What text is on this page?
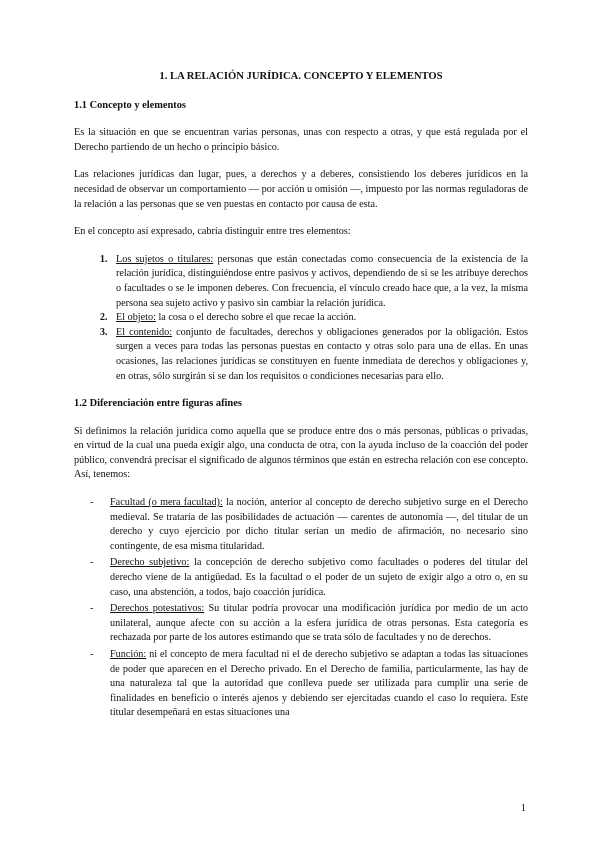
1. LA RELACIÓN JURÍDICA. CONCEPTO Y ELEMENTOS
1.1 Concepto y elementos

Es la situación en que se encuentran varias personas, unas con respecto a otras, y que está regulada por el Derecho partiendo de un hecho o principio básico.

Las relaciones jurídicas dan lugar, pues, a derechos y a deberes, consistiendo los deberes jurídicos en la necesidad de observar un comportamiento — por acción u omisión —, impuesto por las normas reguladoras de la relación a las personas que se ven puestas en contacto por causa de esta.

En el concepto así expresado, cabría distinguir entre tres elementos:

1. Los sujetos o titulares: personas que están conectadas como consecuencia de la existencia de la relación jurídica, distinguiéndose entre pasivos y activos, dependiendo de si se les atribuye derechos o facultades o se le imponen deberes. Con frecuencia, el vínculo creado hace que, a la vez, la misma persona sea sujeto activo y pasivo sin cambiar la relación jurídica.
2. El objeto: la cosa o el derecho sobre el que recae la acción.
3. El contenido: conjunto de facultades, derechos y obligaciones generados por la obligación. Estos surgen a veces para todas las personas puestas en contacto y otras solo para una de ellas. En unas ocasiones, las relaciones jurídicas se constituyen en fuente inmediata de derechos y obligaciones y, en otras, sólo surgirán si se dan los requisitos o condiciones necesarias para ello.
1.2 Diferenciación entre figuras afines

Si definimos la relación jurídica como aquella que se produce entre dos o más personas, públicas o privadas, en virtud de la cual una pueda exigir algo, una conducta de otra, con la ayuda incluso de la coacción del poder público, convendrá precisar el significado de algunos términos que están en estrecha relación con ese concepto. Así, tenemos:

- Facultad (o mera facultad): la noción, anterior al concepto de derecho subjetivo surge en el Derecho medieval. Se trataría de las posibilidades de actuación — carentes de autonomía —, del titular de un derecho y cuyo ejercicio por dicho titular serían un medio de afirmación, no necesario sino contingente, de esa misma titularidad.
- Derecho subjetivo: la concepción de derecho subjetivo como facultades o poderes del titular del derecho viene de la antigüedad. Es la facultad o el poder de un sujeto de exigir algo a otro o, en su caso, una abstención, a todos, bajo coacción jurídica.
- Derechos potestativos: Su titular podría provocar una modificación jurídica por medio de un acto unilateral, aunque afecte con su acción a la esfera jurídica de otras personas. Esta categoría es rechazada por parte de los autores estimando que se trata sólo de facultades y no de derechos.
- Función: ni el concepto de mera facultad ni el de derecho subjetivo se adaptan a todas las situaciones de poder que aparecen en el Derecho privado. En el Derecho de familia, particularmente, las hay de una naturaleza tal que la autoridad que conlleva puede ser utilizada para cumplir una serie de finalidades en beneficio o interés ajenos y debiendo ser ejercitadas cuando el caso lo requiera. Este titular desempeñará en estas situaciones una
1
